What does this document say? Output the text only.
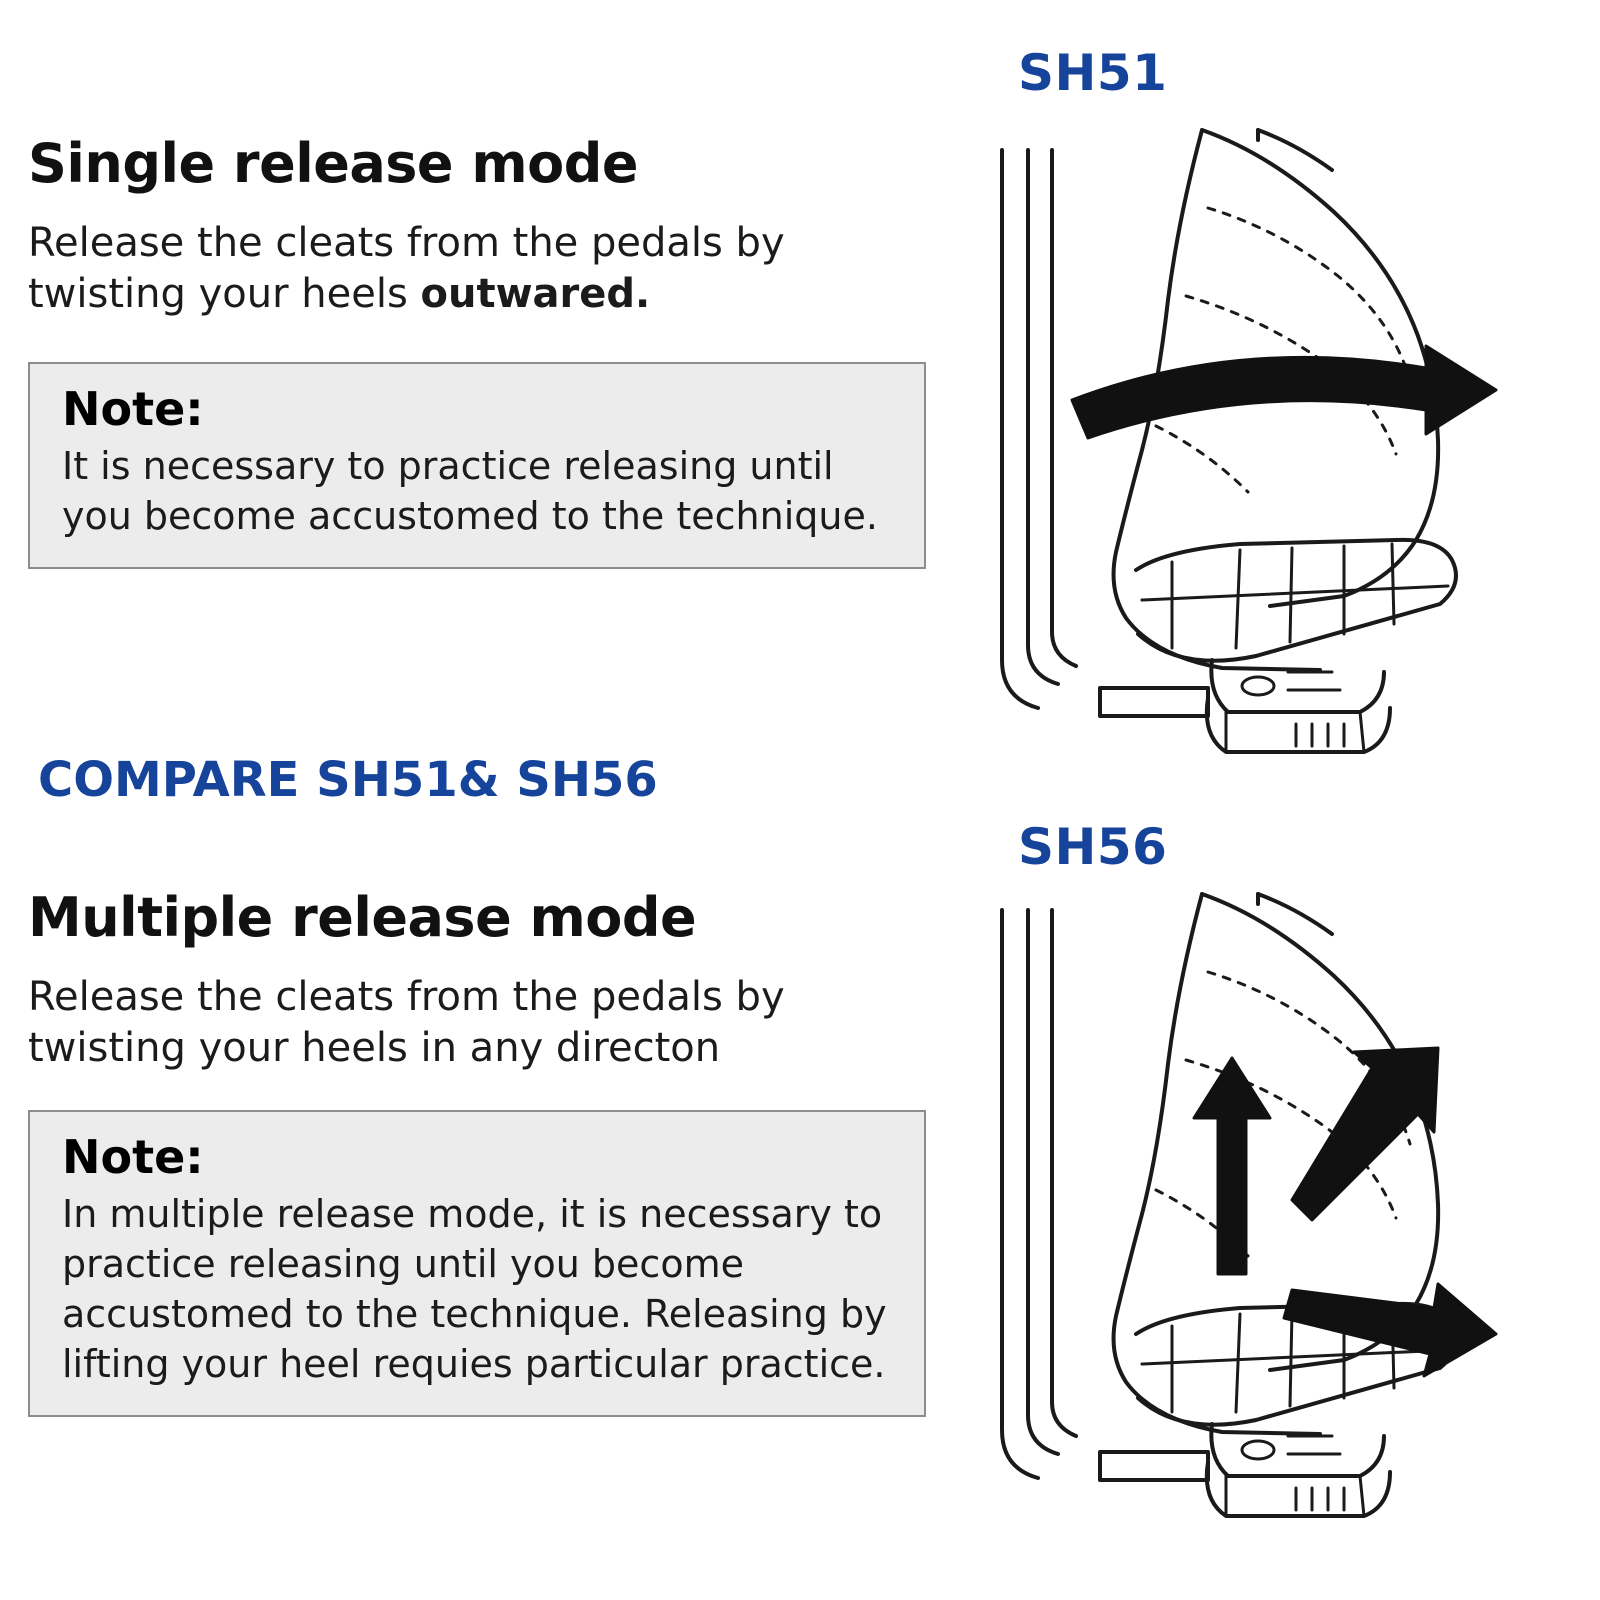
Single release mode
Release the cleats from the pedals by twisting your heels outwared.
Note:
It is necessary to practice releasing until you become accustomed to the technique.
COMPARE SH51& SH56
Multiple release mode
Release the cleats from the pedals by twisting your heels in any directon
Note:
In multiple release mode, it is necessary to practice releasing until you become accustomed to the technique. Releasing by lifting your heel requies particular practice.
SH51
SH56
